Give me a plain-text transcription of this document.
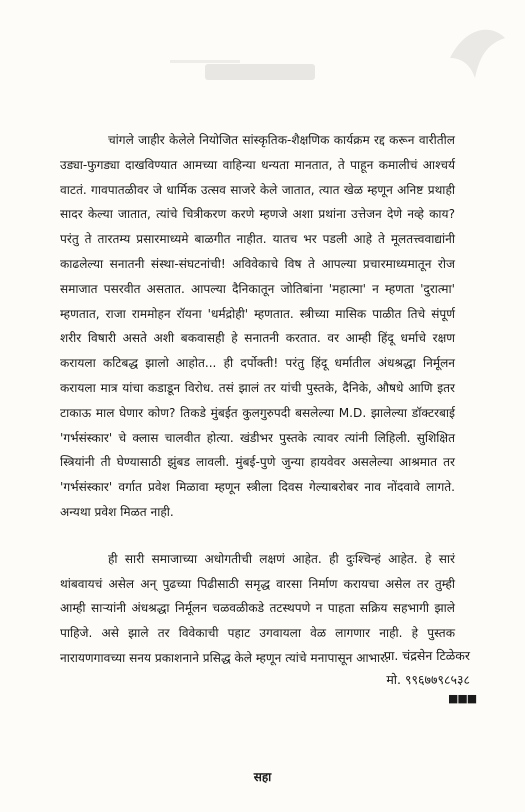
चांगले जाहीर केलेले नियोजित सांस्कृतिक-शैक्षणिक कार्यक्रम रद्द करून वारीतील उड्या-फुगड्या दाखविण्यात आमच्या वाहिन्या धन्यता मानतात, ते पाहून कमालीचं आश्चर्य वाटतं. गावपातळीवर जे धार्मिक उत्सव साजरे केले जातात, त्यात खेळ म्हणून अनिष्ट प्रथाही सादर केल्या जातात, त्यांचे चित्रीकरण करणे म्हणजे अशा प्रथांना उत्तेजन देणे नव्हे काय? परंतु ते तारतम्य प्रसारमाध्यमे बाळगीत नाहीत. यातच भर पडली आहे ते मूलतत्त्ववाद्यांनी काढलेल्या सनातनी संस्था-संघटनांची! अविवेकाचे विष ते आपल्या प्रचारमाध्यमातून रोज समाजात पसरवीत असतात. आपल्या दैनिकातून जोतिबांना 'महात्मा' न म्हणता 'दुरात्मा' म्हणतात, राजा राममोहन रॉयना 'धर्मद्रोही' म्हणतात. स्त्रीच्या मासिक पाळीत तिचे संपूर्ण शरीर विषारी असते अशी बकवासही हे सनातनी करतात. वर आम्ही हिंदू धर्माचे रक्षण करायला कटिबद्ध झालो आहोत... ही दर्पोक्ती! परंतु हिंदू धर्मातील अंधश्रद्धा निर्मूलन करायला मात्र यांचा कडाडून विरोध. तसं झालं तर यांची पुस्तके, दैनिके, औषधे आणि इतर टाकाऊ माल घेणार कोण? तिकडे मुंबईत कुलगुरुपदी बसलेल्या M.D. झालेल्या डॉक्टरबाई 'गर्भसंस्कार' चे क्लास चालवीत होत्या. खंडीभर पुस्तके त्यावर त्यांनी लिहिली. सुशिक्षित स्त्रियांनी ती घेण्यासाठी झुंबड लावली. मुंबई-पुणे जुन्या हायवेवर असलेल्या आश्रमात तर 'गर्भसंस्कार' वर्गात प्रवेश मिळावा म्हणून स्त्रीला दिवस गेल्याबरोबर नाव नोंदवावे लागते. अन्यथा प्रवेश मिळत नाही.

ही सारी समाजाच्या अधोगतीची लक्षणं आहेत. ही दुःश्चिन्हं आहेत. हे सारं थांबवायचं असेल अन् पुढच्या पिढीसाठी समृद्ध वारसा निर्माण करायचा असेल तर तुम्ही आम्ही साऱ्यांनी अंधश्रद्धा निर्मूलन चळवळीकडे तटस्थपणे न पाहता सक्रिय सहभागी झाले पाहिजे. असे झाले तर विवेकाची पहाट उगवायला वेळ लागणार नाही. हे पुस्तक नारायणगावच्या सनय प्रकाशनाने प्रसिद्ध केले म्हणून त्यांचे मनापासून आभार.

प्रा. चंद्रसेन टिळेकर
मो. ९९६७७९८५३८
■■■
सहा
